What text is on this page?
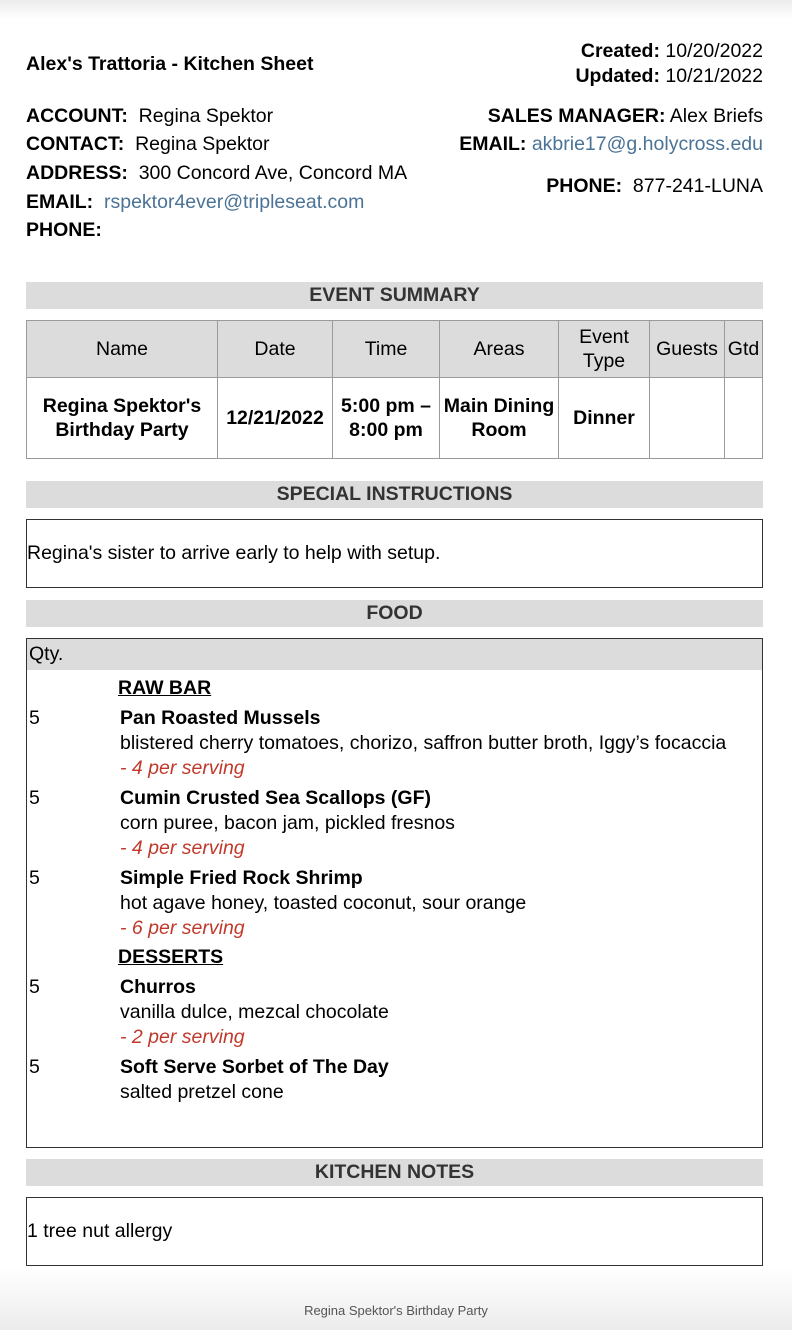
Alex's Trattoria - Kitchen Sheet
Created: 10/20/2022
Updated: 10/21/2022
ACCOUNT: Regina Spektor
CONTACT: Regina Spektor
ADDRESS: 300 Concord Ave, Concord MA
EMAIL: rspektor4ever@tripleseat.com
PHONE:
SALES MANAGER: Alex Briefs
EMAIL: akbrie17@g.holycross.edu
PHONE: 877-241-LUNA
EVENT SUMMARY
Name	Date	Time	Areas	Event Type	Guests	Gtd
Regina Spektor's Birthday Party	12/21/2022	5:00 pm – 8:00 pm	Main Dining Room	Dinner		
SPECIAL INSTRUCTIONS
Regina's sister to arrive early to help with setup.
FOOD
Qty.
RAW BAR
5	Pan Roasted Mussels
blistered cherry tomatoes, chorizo, saffron butter broth, Iggy’s focaccia
- 4 per serving
5	Cumin Crusted Sea Scallops (GF)
corn puree, bacon jam, pickled fresnos
- 4 per serving
5	Simple Fried Rock Shrimp
hot agave honey, toasted coconut, sour orange
- 6 per serving
DESSERTS
5	Churros
vanilla dulce, mezcal chocolate
- 2 per serving
5	Soft Serve Sorbet of The Day
salted pretzel cone
KITCHEN NOTES
1 tree nut allergy
Regina Spektor's Birthday Party
